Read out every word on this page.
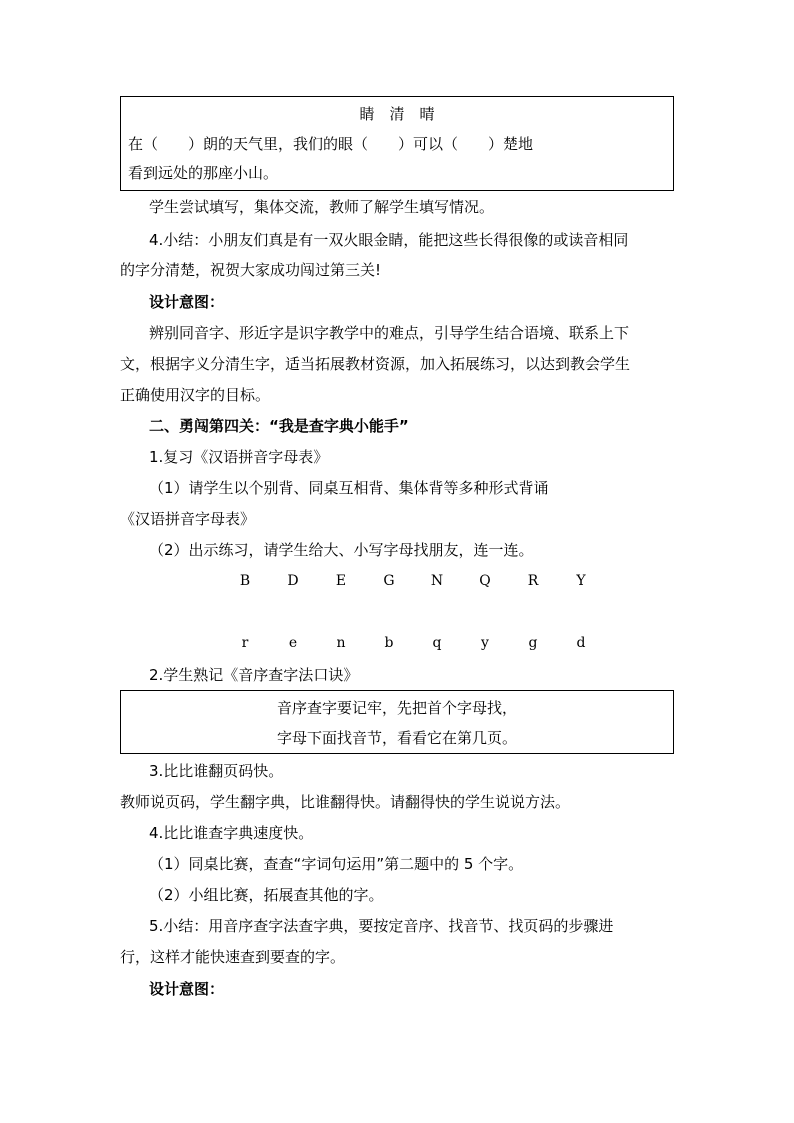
睛　清　晴
在（　　）朗的天气里，我们的眼（　　）可以（　　）楚地
看到远处的那座小山。
学生尝试填写，集体交流，教师了解学生填写情况。
4.小结：小朋友们真是有一双火眼金睛，能把这些长得很像的或读音相同
的字分清楚，祝贺大家成功闯过第三关!
设计意图：
辨别同音字、形近字是识字教学中的难点，引导学生结合语境、联系上下
文，根据字义分清生字，适当拓展教材资源，加入拓展练习，以达到教会学生
正确使用汉字的目标。
二、勇闯第四关：“我是查字典小能手”
1.复习《汉语拼音字母表》
（1）请学生以个别背、同桌互相背、集体背等多种形式背诵
《汉语拼音字母表》
（2）出示练习，请学生给大、小写字母找朋友，连一连。
B	D	E	G	N	Q	R	Y
r	e	n	b	q	y	g	d
2.学生熟记《音序查字法口诀》
音序查字要记牢，先把首个字母找，
字母下面找音节，看看它在第几页。
3.比比谁翻页码快。
教师说页码，学生翻字典，比谁翻得快。请翻得快的学生说说方法。
4.比比谁查字典速度快。
（1）同桌比赛，查查“字词句运用”第二题中的 5 个字。
（2）小组比赛，拓展查其他的字。
5.小结：用音序查字法查字典，要按定音序、找音节、找页码的步骤进
行，这样才能快速查到要查的字。
设计意图：
